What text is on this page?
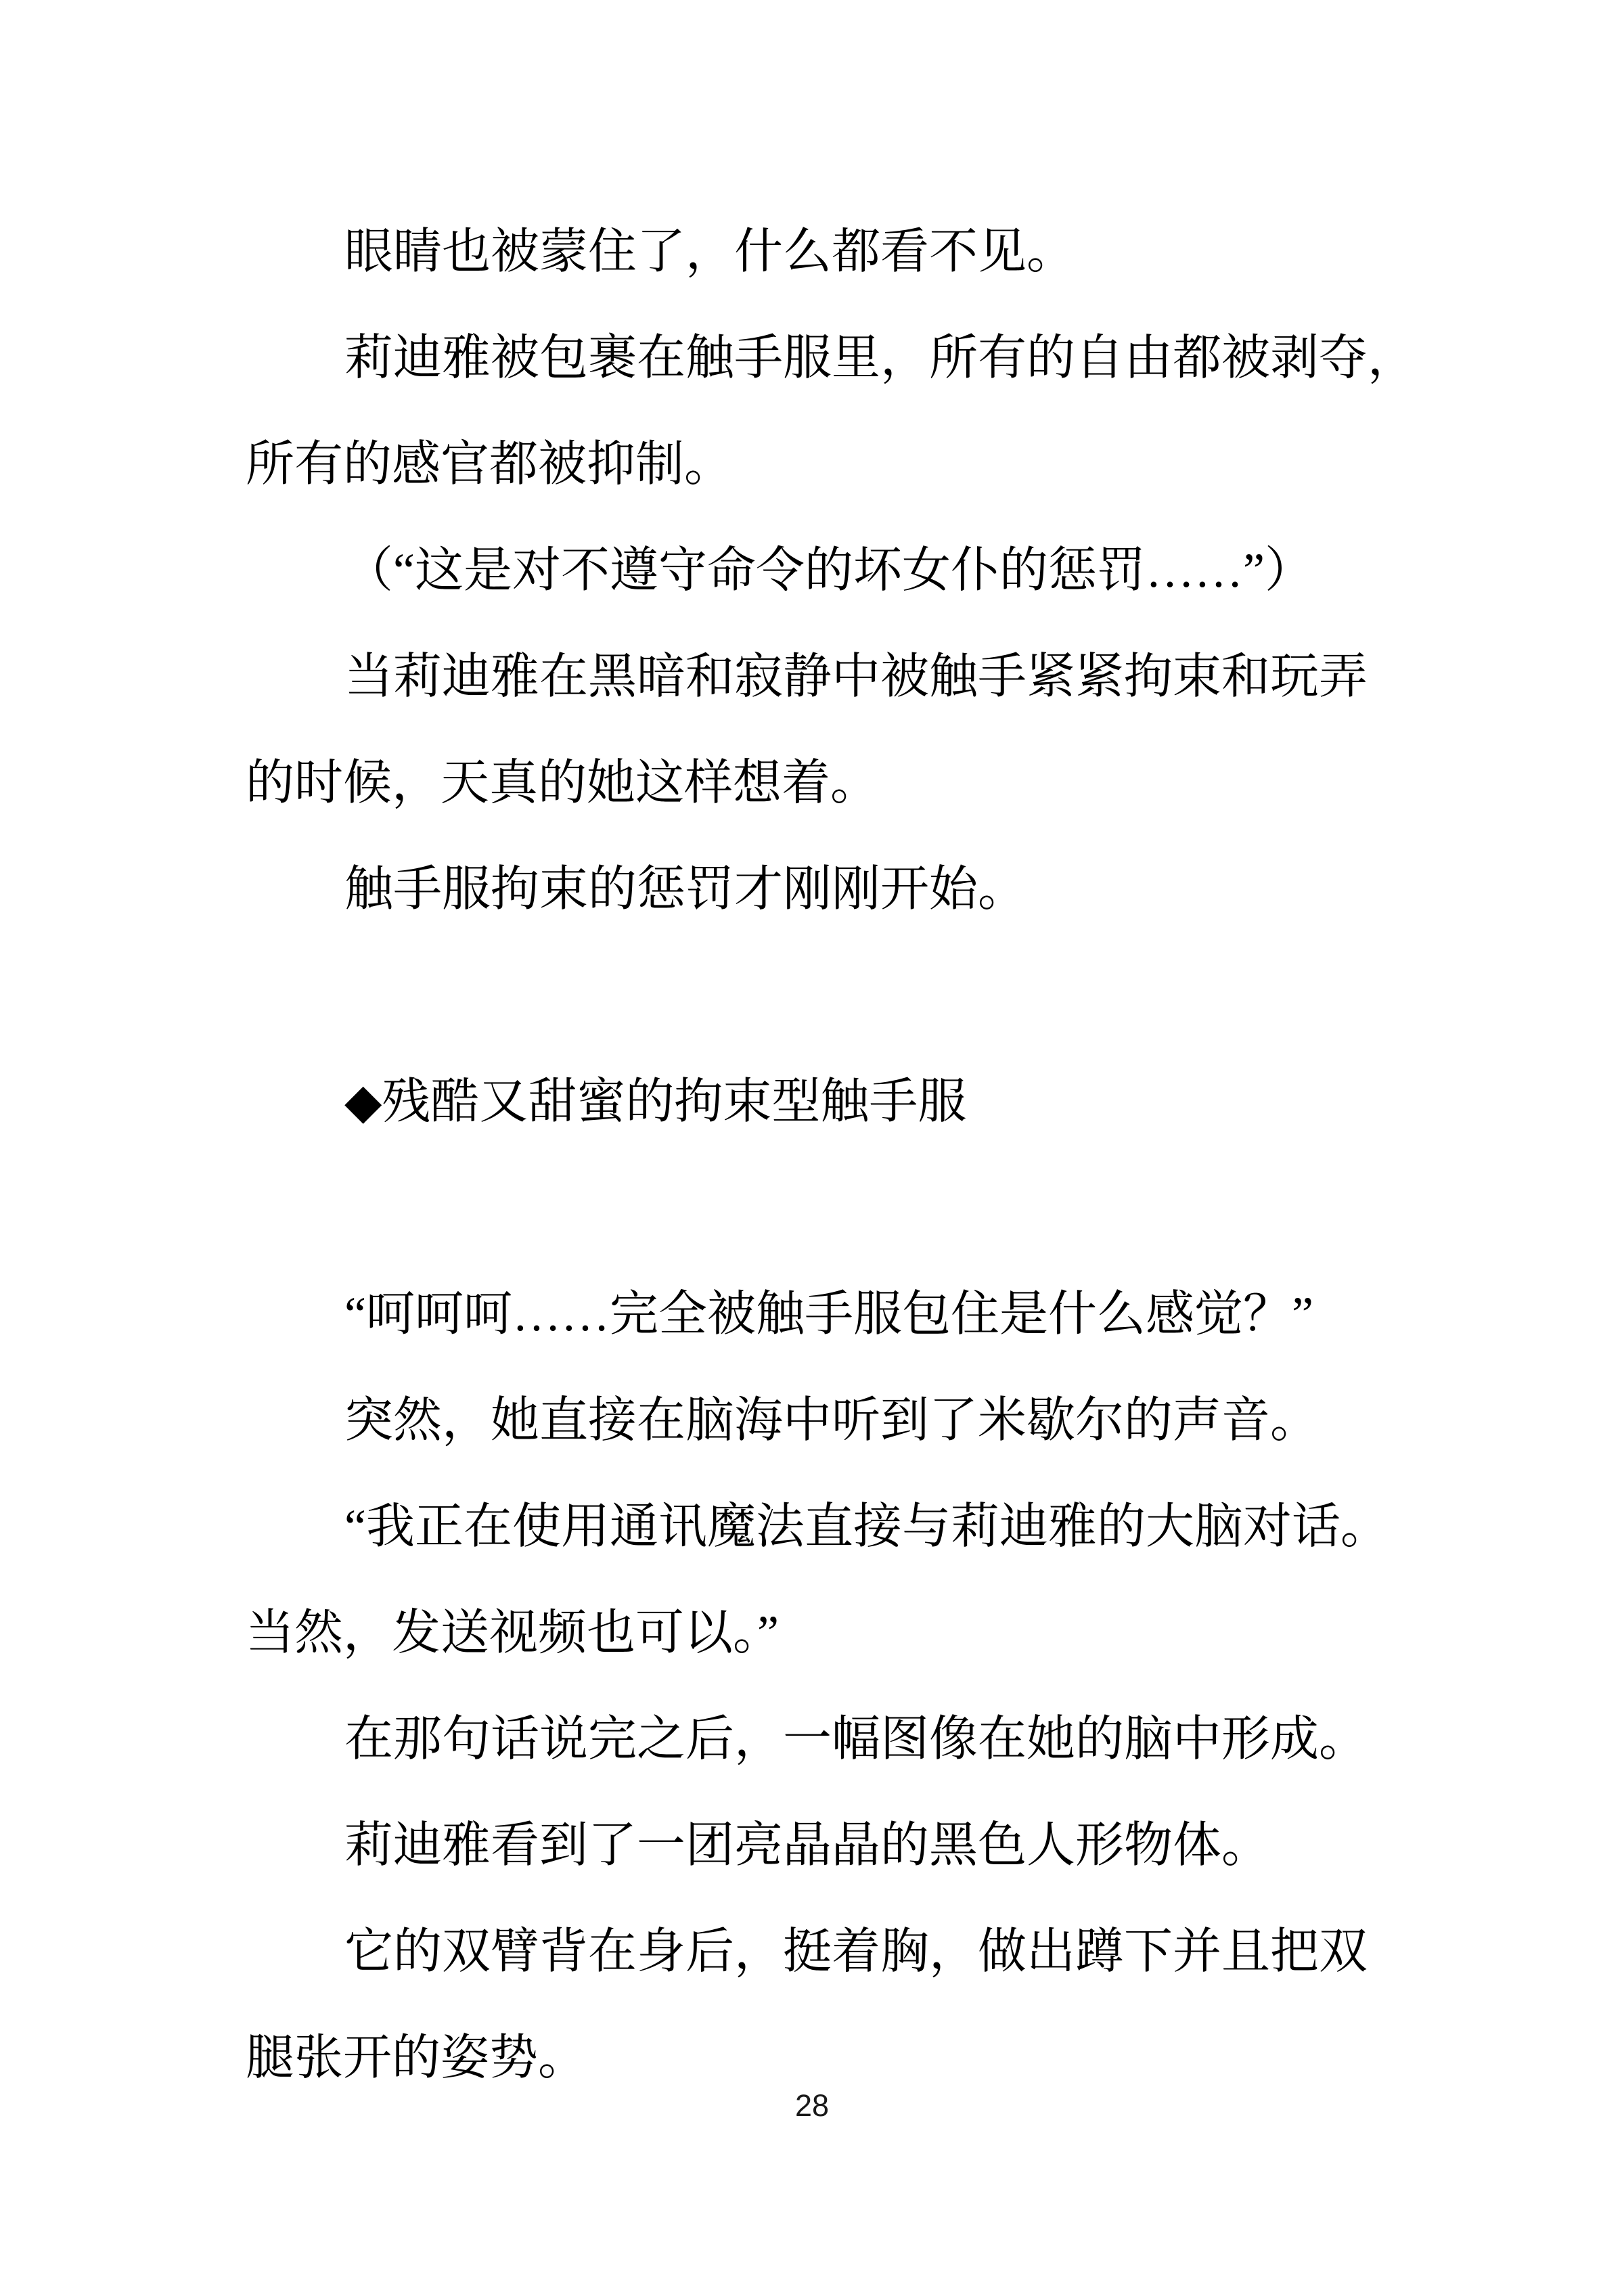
眼睛也被蒙住了，什么都看不见。
莉迪雅被包裹在触手服里，所有的自由都被剥夺，
所有的感官都被抑制。
（“这是对不遵守命令的坏女仆的惩罚……”）
当莉迪雅在黑暗和寂静中被触手紧紧拘束和玩弄
的时候，天真的她这样想着。
触手服拘束的惩罚才刚刚开始。
◆残酷又甜蜜的拘束型触手服
“呵呵呵……完全被触手服包住是什么感觉？”
突然，她直接在脑海中听到了米歇尔的声音。
“我正在使用通讯魔法直接与莉迪雅的大脑对话。
当然，发送视频也可以。”
在那句话说完之后，一幅图像在她的脑中形成。
莉迪雅看到了一团亮晶晶的黑色人形物体。
它的双臂背在身后，挺着胸，做出蹲下并且把双
腿张开的姿势。
28
